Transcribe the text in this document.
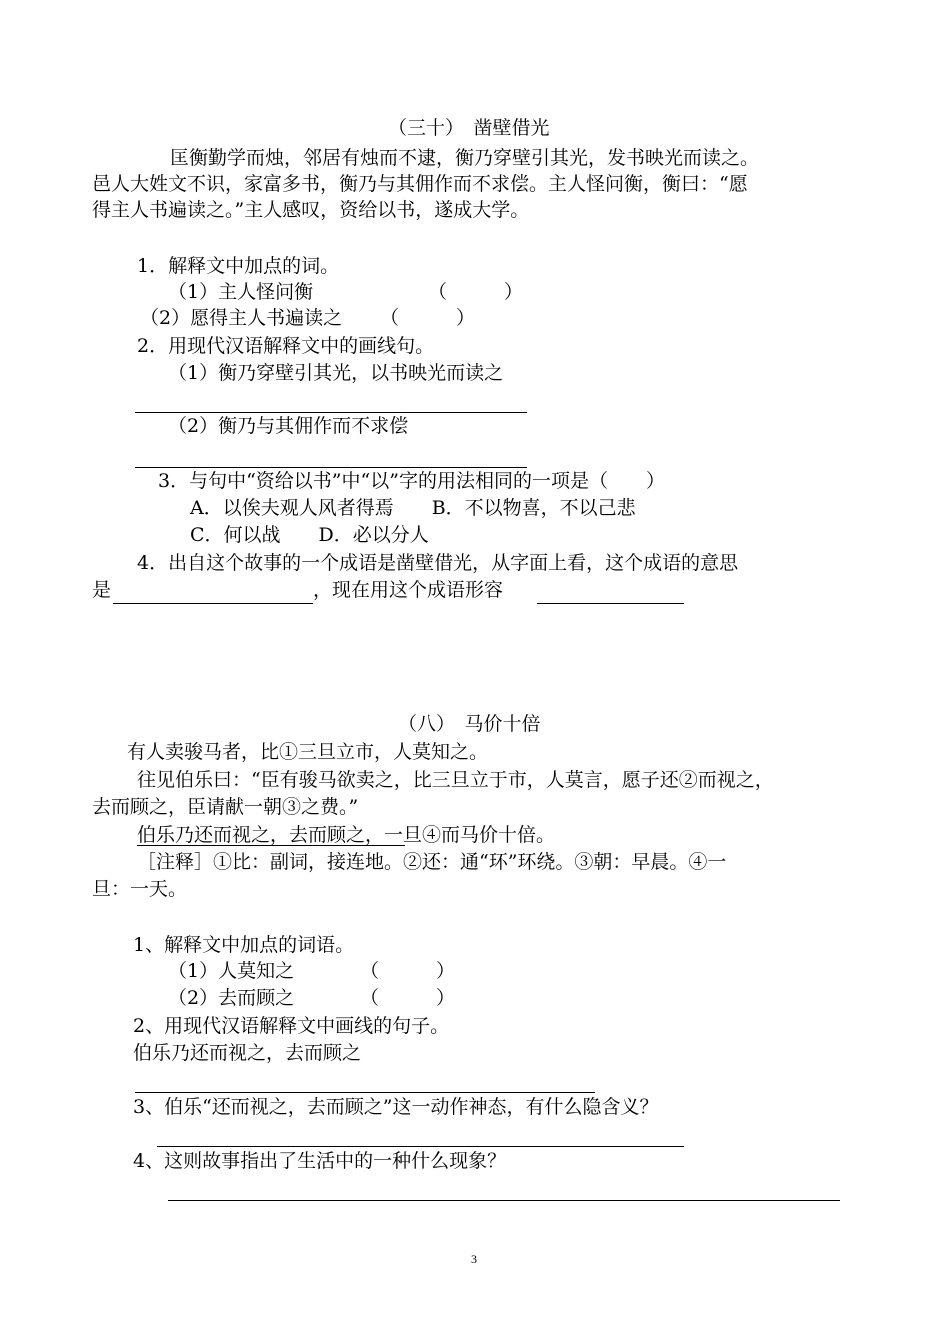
（三十）　凿壁借光
匡衡勤学而烛，邻居有烛而不逮，衡乃穿壁引其光，发书映光而读之。
邑人大姓文不识，家富多书，衡乃与其佣作而不求偿。主人怪问衡，衡曰：“愿
得主人书遍读之。”主人感叹，资给以书，遂成大学。
1．解释文中加点的词。
（1）主人怪问衡	（　　　）
（2）愿得主人书遍读之 （　　　）
2．用现代汉语解释文中的画线句。
（1）衡乃穿壁引其光，以书映光而读之
（2）衡乃与其佣作而不求偿
3．与句中“资给以书”中“以”字的用法相同的一项是（　　）
A．以俟夫观人风者得焉　　B．不以物喜，不以己悲
C．何以战　　D．必以分人
4．出自这个故事的一个成语是凿壁借光，从字面上看，这个成语的意思
是	，现在用这个成语形容
（八）　马价十倍
有人卖骏马者，比①三旦立市，人莫知之。
往见伯乐曰：“臣有骏马欲卖之，比三旦立于市，人莫言，愿子还②而视之，
去而顾之，臣请献一朝③之费。”
伯乐乃还而视之，去而顾之，一旦④而马价十倍。
［注释］①比：副词，接连地。②还：通“环”环绕。③朝：早晨。④一
旦：一天。
1、解释文中加点的词语。
（1）人莫知之	（　　　）
（2）去而顾之	（　　　）
2、用现代汉语解释文中画线的句子。
伯乐乃还而视之，去而顾之
3、伯乐“还而视之，去而顾之”这一动作神态，有什么隐含义？
4、这则故事指出了生活中的一种什么现象？
3
